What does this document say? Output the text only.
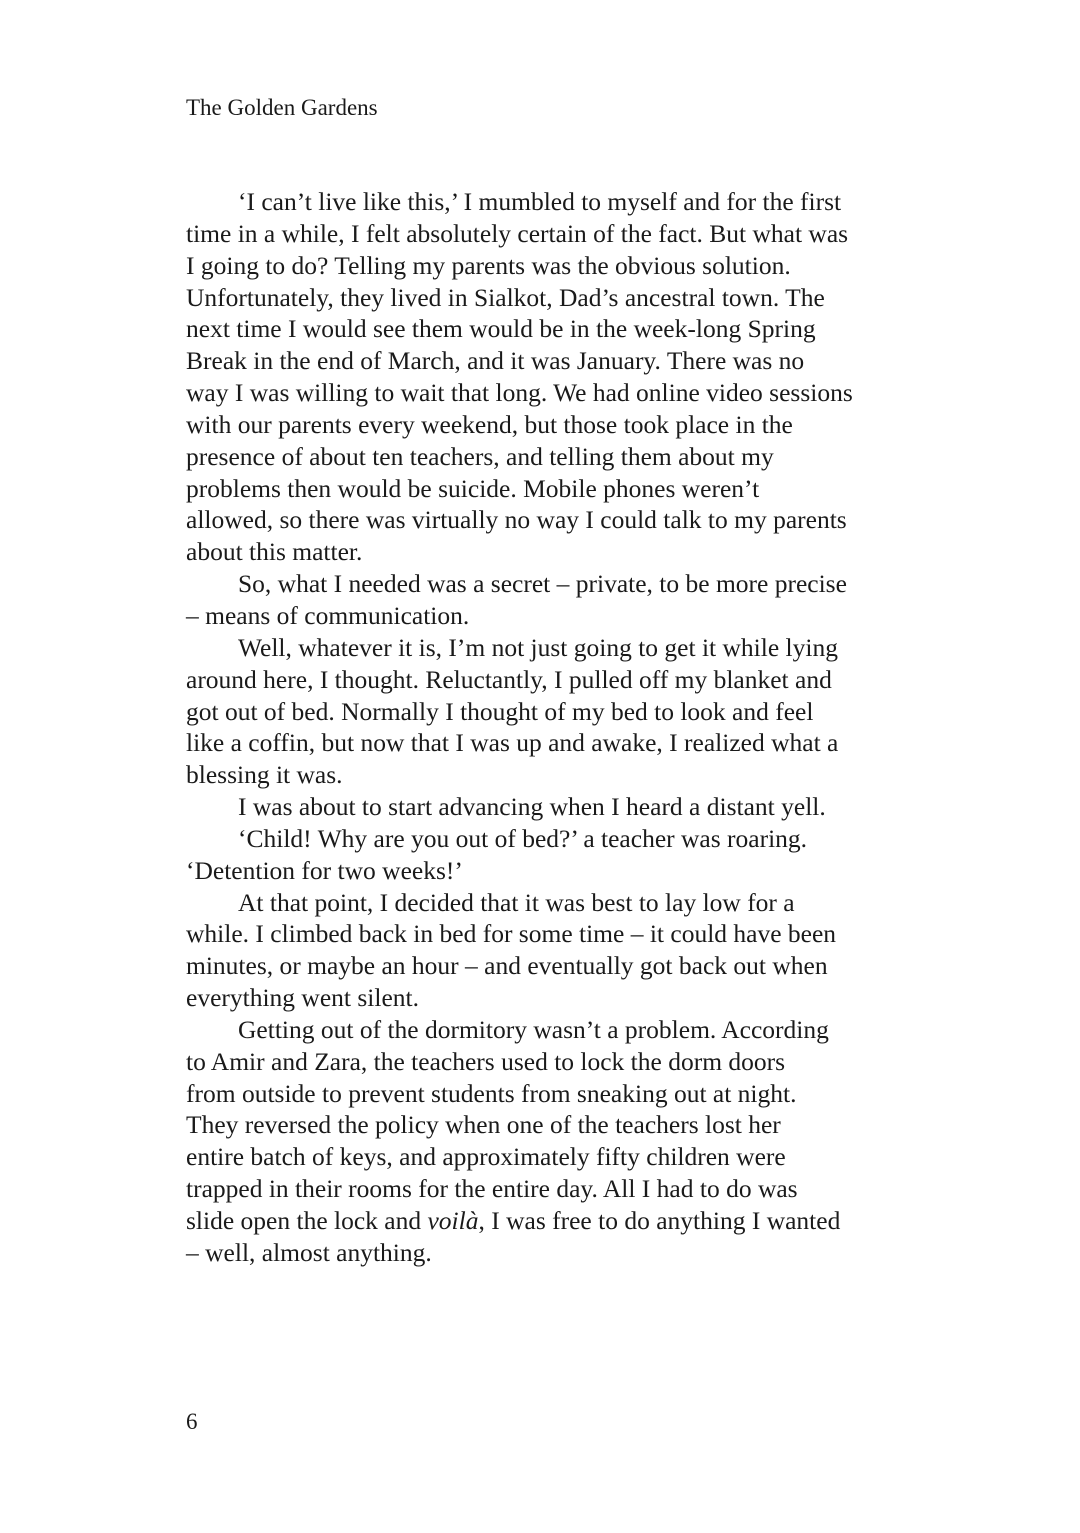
The Golden Gardens

‘I can’t live like this,’ I mumbled to myself and for the first
time in a while, I felt absolutely certain of the fact. But what was
I going to do? Telling my parents was the obvious solution.
Unfortunately, they lived in Sialkot, Dad’s ancestral town. The
next time I would see them would be in the week-long Spring
Break in the end of March, and it was January. There was no
way I was willing to wait that long. We had online video sessions
with our parents every weekend, but those took place in the
presence of about ten teachers, and telling them about my
problems then would be suicide. Mobile phones weren’t
allowed, so there was virtually no way I could talk to my parents
about this matter.

So, what I needed was a secret – private, to be more precise
– means of communication.

Well, whatever it is, I’m not just going to get it while lying
around here, I thought. Reluctantly, I pulled off my blanket and
got out of bed. Normally I thought of my bed to look and feel
like a coffin, but now that I was up and awake, I realized what a
blessing it was.

I was about to start advancing when I heard a distant yell.

‘Child! Why are you out of bed?’ a teacher was roaring.
‘Detention for two weeks!’

At that point, I decided that it was best to lay low for a
while. I climbed back in bed for some time – it could have been
minutes, or maybe an hour – and eventually got back out when
everything went silent.

Getting out of the dormitory wasn’t a problem. According
to Amir and Zara, the teachers used to lock the dorm doors
from outside to prevent students from sneaking out at night.
They reversed the policy when one of the teachers lost her
entire batch of keys, and approximately fifty children were
trapped in their rooms for the entire day. All I had to do was
slide open the lock and voilà, I was free to do anything I wanted
– well, almost anything.

6
